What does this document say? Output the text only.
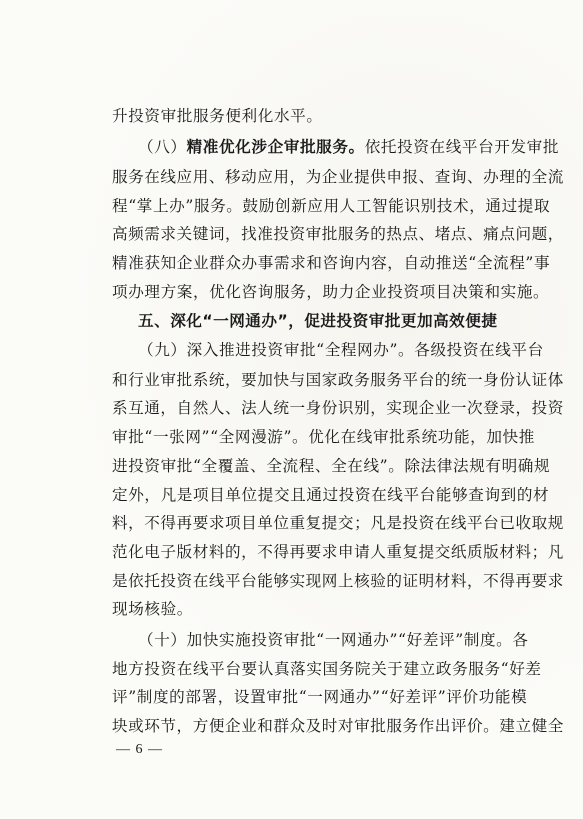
升投资审批服务便利化水平。
（八）精准优化涉企审批服务。依托投资在线平台开发审批
服务在线应用、移动应用，为企业提供申报、查询、办理的全流
程“掌上办”服务。鼓励创新应用人工智能识别技术，通过提取
高频需求关键词，找准投资审批服务的热点、堵点、痛点问题，
精准获知企业群众办事需求和咨询内容，自动推送“全流程”事
项办理方案，优化咨询服务，助力企业投资项目决策和实施。
五、深化“一网通办”，促进投资审批更加高效便捷
（九）深入推进投资审批“全程网办”。各级投资在线平台
和行业审批系统，要加快与国家政务服务平台的统一身份认证体
系互通，自然人、法人统一身份识别，实现企业一次登录，投资
审批“一张网”“全网漫游”。优化在线审批系统功能，加快推
进投资审批“全覆盖、全流程、全在线”。除法律法规有明确规
定外，凡是项目单位提交且通过投资在线平台能够查询到的材
料，不得再要求项目单位重复提交；凡是投资在线平台已收取规
范化电子版材料的，不得再要求申请人重复提交纸质版材料；凡
是依托投资在线平台能够实现网上核验的证明材料，不得再要求
现场核验。
（十）加快实施投资审批“一网通办”“好差评”制度。各
地方投资在线平台要认真落实国务院关于建立政务服务“好差
评”制度的部署，设置审批“一网通办”“好差评”评价功能模
块或环节，方便企业和群众及时对审批服务作出评价。建立健全
— 6 —
